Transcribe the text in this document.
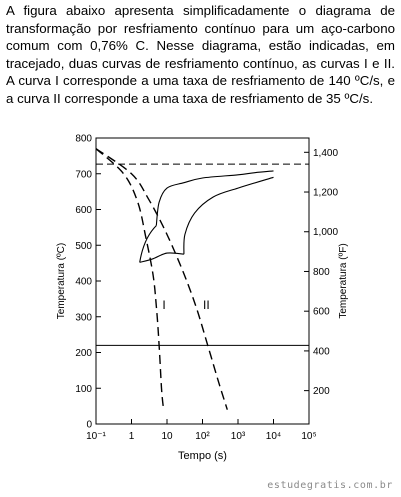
A figura abaixo apresenta simplificadamente o diagrama de transformação por resfriamento contínuo para um aço-carbono comum com 0,76% C. Nesse diagrama, estão indicadas, em tracejado, duas curvas de resfriamento contínuo, as curvas I e II. A curva I corresponde a uma taxa de resfriamento de 140 ºC/s, e a curva II corresponde a uma taxa de resfriamento de 35 ºC/s.

0
100
200
300
400
500
600
700
800
200
400
600
800
1,000
1,200
1,400
10⁻¹ 1	10 10² 10³ 10⁴ 10⁵
I	II
Tempo (s)
Temperatura (ºC)	Temperatura (ºF)
estudegratis.com.br
